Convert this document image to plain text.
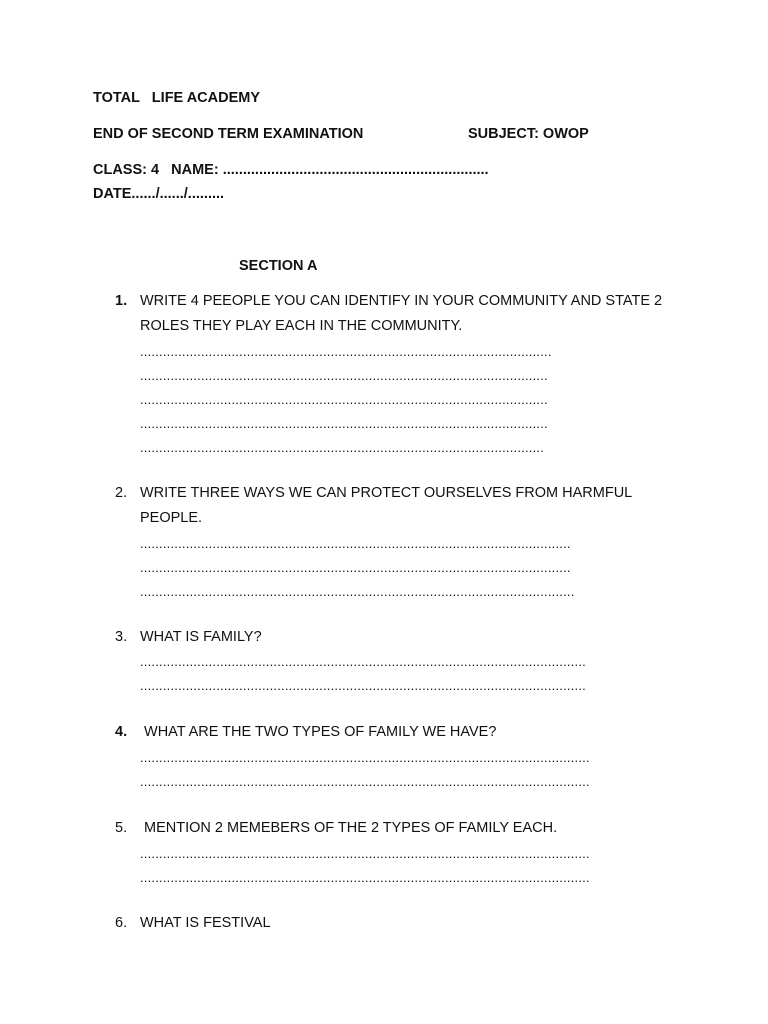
TOTAL   LIFE ACADEMY
END OF SECOND TERM EXAMINATION	SUBJECT: OWOP
CLASS: 4   NAME: ..................................................................
DATE....../....../.........
SECTION A
1. WRITE 4 PEEOPLE YOU CAN IDENTIFY IN YOUR COMMUNITY AND STATE 2 ROLES THEY PLAY EACH IN THE COMMUNITY.
............................................................................................................
...........................................................................................................
...........................................................................................................
...........................................................................................................
..........................................................................................................
2. WRITE THREE WAYS WE CAN PROTECT OURSELVES FROM HARMFUL PEOPLE.
.................................................................................................................
.................................................................................................................
..................................................................................................................
3. WHAT IS FAMILY?
.....................................................................................................................
.....................................................................................................................
4. WHAT ARE THE TWO TYPES OF FAMILY WE HAVE?
......................................................................................................................
......................................................................................................................
5. MENTION 2 MEMEBERS OF THE 2 TYPES OF FAMILY EACH.
......................................................................................................................
......................................................................................................................
6. WHAT IS FESTIVAL
